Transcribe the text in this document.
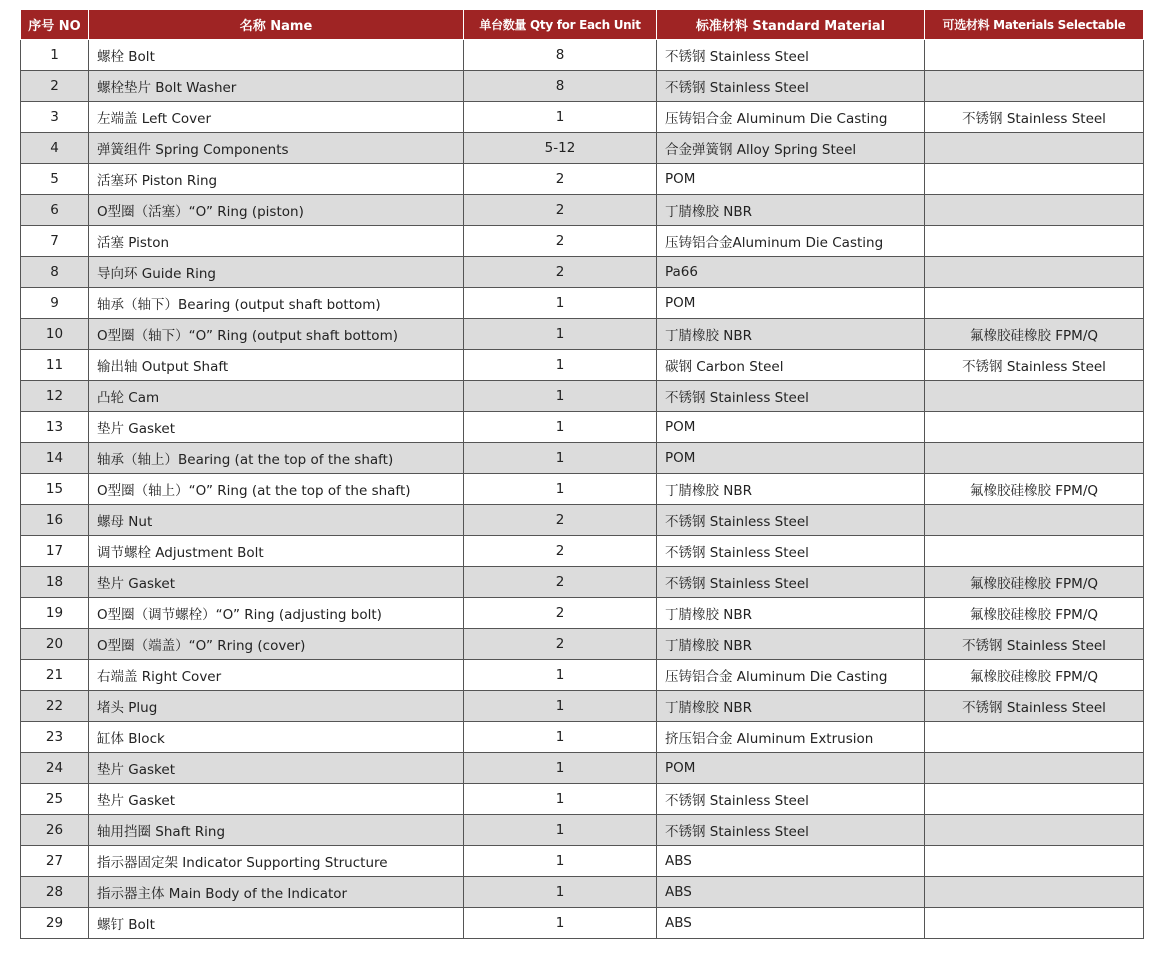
序号 NO	名称 Name	单台数量 Qty for Each Unit	标准材料 Standard Material	可选材料 Materials Selectable
1	螺栓 Bolt	8	不锈钢 Stainless Steel	
2	螺栓垫片 Bolt Washer	8	不锈钢 Stainless Steel	
3	左端盖 Left Cover	1	压铸铝合金 Aluminum Die Casting	不锈钢 Stainless Steel
4	弹簧组件 Spring Components	5-12	合金弹簧钢 Alloy Spring Steel	
5	活塞环 Piston Ring	2	POM	
6	O型圈（活塞）“O” Ring (piston)	2	丁腈橡胶 NBR	
7	活塞 Piston	2	压铸铝合金Aluminum Die Casting	
8	导向环 Guide Ring	2	Pa66	
9	轴承（轴下）Bearing (output shaft bottom)	1	POM	
10	O型圈（轴下）“O” Ring (output shaft bottom)	1	丁腈橡胶 NBR	氟橡胶硅橡胶 FPM/Q
11	输出轴 Output Shaft	1	碳钢 Carbon Steel	不锈钢 Stainless Steel
12	凸轮 Cam	1	不锈钢 Stainless Steel	
13	垫片 Gasket	1	POM	
14	轴承（轴上）Bearing (at the top of the shaft)	1	POM	
15	O型圈（轴上）“O” Ring (at the top of the shaft)	1	丁腈橡胶 NBR	氟橡胶硅橡胶 FPM/Q
16	螺母 Nut	2	不锈钢 Stainless Steel	
17	调节螺栓 Adjustment Bolt	2	不锈钢 Stainless Steel	
18	垫片 Gasket	2	不锈钢 Stainless Steel	氟橡胶硅橡胶 FPM/Q
19	O型圈（调节螺栓）“O” Ring (adjusting bolt)	2	丁腈橡胶 NBR	氟橡胶硅橡胶 FPM/Q
20	O型圈（端盖）“O” Rring (cover)	2	丁腈橡胶 NBR	不锈钢 Stainless Steel
21	右端盖 Right Cover	1	压铸铝合金 Aluminum Die Casting	氟橡胶硅橡胶 FPM/Q
22	堵头 Plug	1	丁腈橡胶 NBR	不锈钢 Stainless Steel
23	缸体 Block	1	挤压铝合金 Aluminum Extrusion	
24	垫片 Gasket	1	POM	
25	垫片 Gasket	1	不锈钢 Stainless Steel	
26	轴用挡圈 Shaft Ring	1	不锈钢 Stainless Steel	
27	指示器固定架 Indicator Supporting Structure	1	ABS	
28	指示器主体 Main Body of the Indicator	1	ABS	
29	螺钉 Bolt	1	ABS	
